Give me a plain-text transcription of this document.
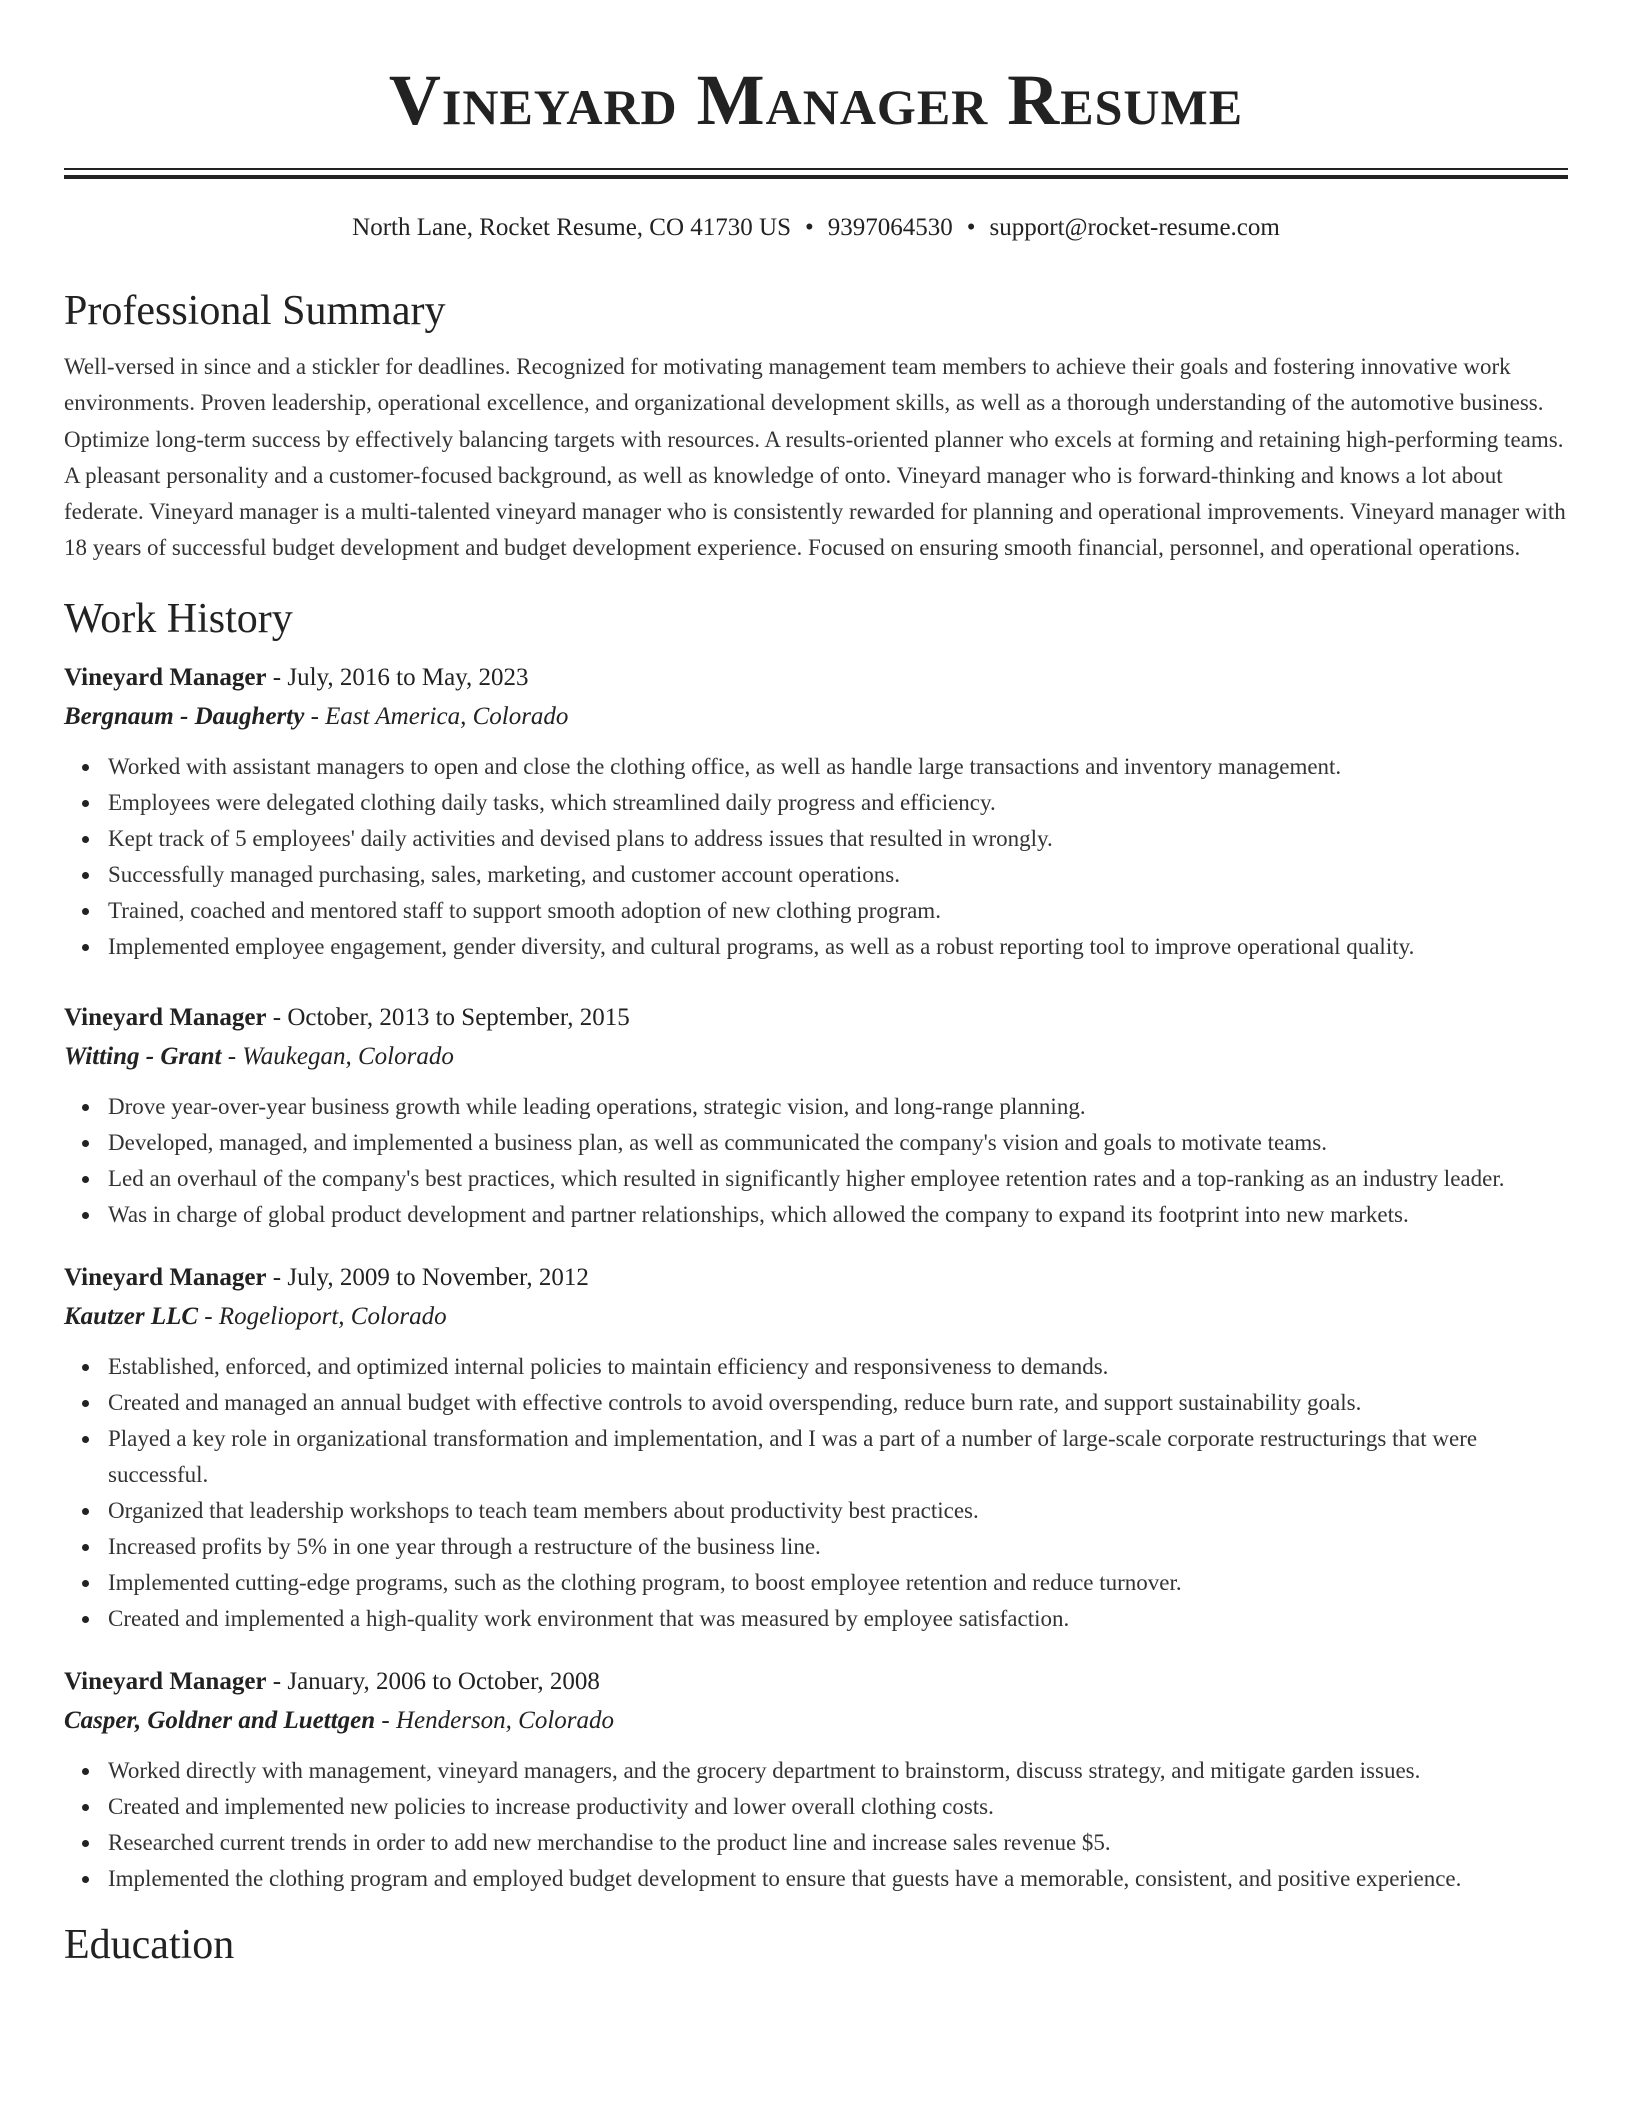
Vineyard Manager Resume
North Lane, Rocket Resume, CO 41730 US • 9397064530 • support@rocket-resume.com
Professional Summary

Well-versed in since and a stickler for deadlines. Recognized for motivating management team members to achieve their goals and fostering innovative work environments. Proven leadership, operational excellence, and organizational development skills, as well as a thorough understanding of the automotive business. Optimize long-term success by effectively balancing targets with resources. A results-oriented planner who excels at forming and retaining high-performing teams. A pleasant personality and a customer-focused background, as well as knowledge of onto. Vineyard manager who is forward-thinking and knows a lot about federate. Vineyard manager is a multi-talented vineyard manager who is consistently rewarded for planning and operational improvements. Vineyard manager with 18 years of successful budget development and budget development experience. Focused on ensuring smooth financial, personnel, and operational operations.

Work History
Vineyard Manager - July, 2016 to May, 2023
Bergnaum - Daugherty - East America, Colorado
Worked with assistant managers to open and close the clothing office, as well as handle large transactions and inventory management.
Employees were delegated clothing daily tasks, which streamlined daily progress and efficiency.
Kept track of 5 employees' daily activities and devised plans to address issues that resulted in wrongly.
Successfully managed purchasing, sales, marketing, and customer account operations.
Trained, coached and mentored staff to support smooth adoption of new clothing program.
Implemented employee engagement, gender diversity, and cultural programs, as well as a robust reporting tool to improve operational quality.
Vineyard Manager - October, 2013 to September, 2015
Witting - Grant - Waukegan, Colorado
Drove year-over-year business growth while leading operations, strategic vision, and long-range planning.
Developed, managed, and implemented a business plan, as well as communicated the company's vision and goals to motivate teams.
Led an overhaul of the company's best practices, which resulted in significantly higher employee retention rates and a top-ranking as an industry leader.
Was in charge of global product development and partner relationships, which allowed the company to expand its footprint into new markets.
Vineyard Manager - July, 2009 to November, 2012
Kautzer LLC - Rogelioport, Colorado
Established, enforced, and optimized internal policies to maintain efficiency and responsiveness to demands.
Created and managed an annual budget with effective controls to avoid overspending, reduce burn rate, and support sustainability goals.
Played a key role in organizational transformation and implementation, and I was a part of a number of large-scale corporate restructurings that were successful.
Organized that leadership workshops to teach team members about productivity best practices.
Increased profits by 5% in one year through a restructure of the business line.
Implemented cutting-edge programs, such as the clothing program, to boost employee retention and reduce turnover.
Created and implemented a high-quality work environment that was measured by employee satisfaction.
Vineyard Manager - January, 2006 to October, 2008
Casper, Goldner and Luettgen - Henderson, Colorado
Worked directly with management, vineyard managers, and the grocery department to brainstorm, discuss strategy, and mitigate garden issues.
Created and implemented new policies to increase productivity and lower overall clothing costs.
Researched current trends in order to add new merchandise to the product line and increase sales revenue $5.
Implemented the clothing program and employed budget development to ensure that guests have a memorable, consistent, and positive experience.
Education
